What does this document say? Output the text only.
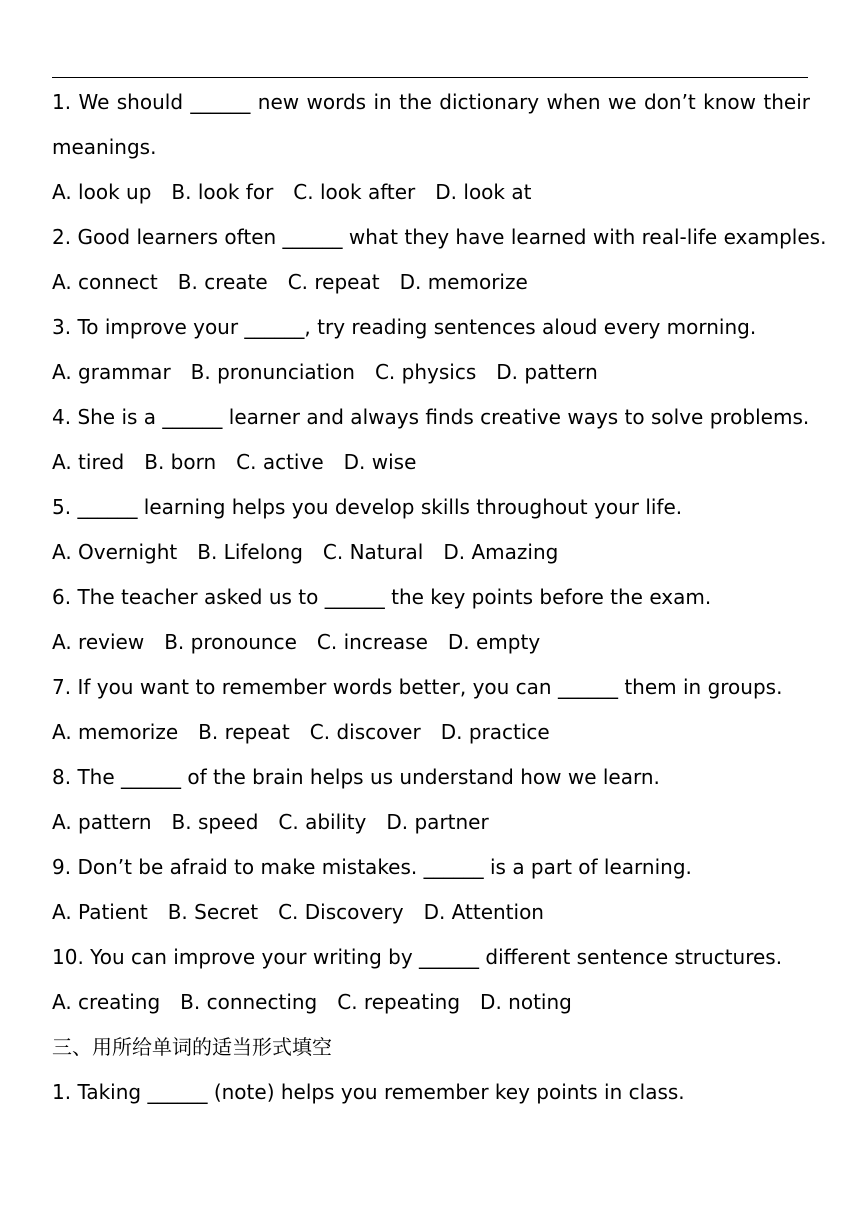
1. We should ______ new words in the dictionary when we don’t know their
meanings.
A. look up B. look for C. look after D. look at
2. Good learners often ______ what they have learned with real-life examples.
A. connect B. create C. repeat D. memorize
3. To improve your ______, try reading sentences aloud every morning.
A. grammar B. pronunciation C. physics D. pattern
4. She is a ______ learner and always finds creative ways to solve problems.
A. tired B. born C. active D. wise
5. ______ learning helps you develop skills throughout your life.
A. Overnight B. Lifelong C. Natural D. Amazing
6. The teacher asked us to ______ the key points before the exam.
A. review B. pronounce C. increase D. empty
7. If you want to remember words better, you can ______ them in groups.
A. memorize B. repeat C. discover D. practice
8. The ______ of the brain helps us understand how we learn.
A. pattern B. speed C. ability D. partner
9. Don’t be afraid to make mistakes. ______ is a part of learning.
A. Patient B. Secret C. Discovery D. Attention
10. You can improve your writing by ______ different sentence structures.
A. creating B. connecting C. repeating D. noting
三、用所给单词的适当形式填空
1. Taking ______ (note) helps you remember key points in class.
